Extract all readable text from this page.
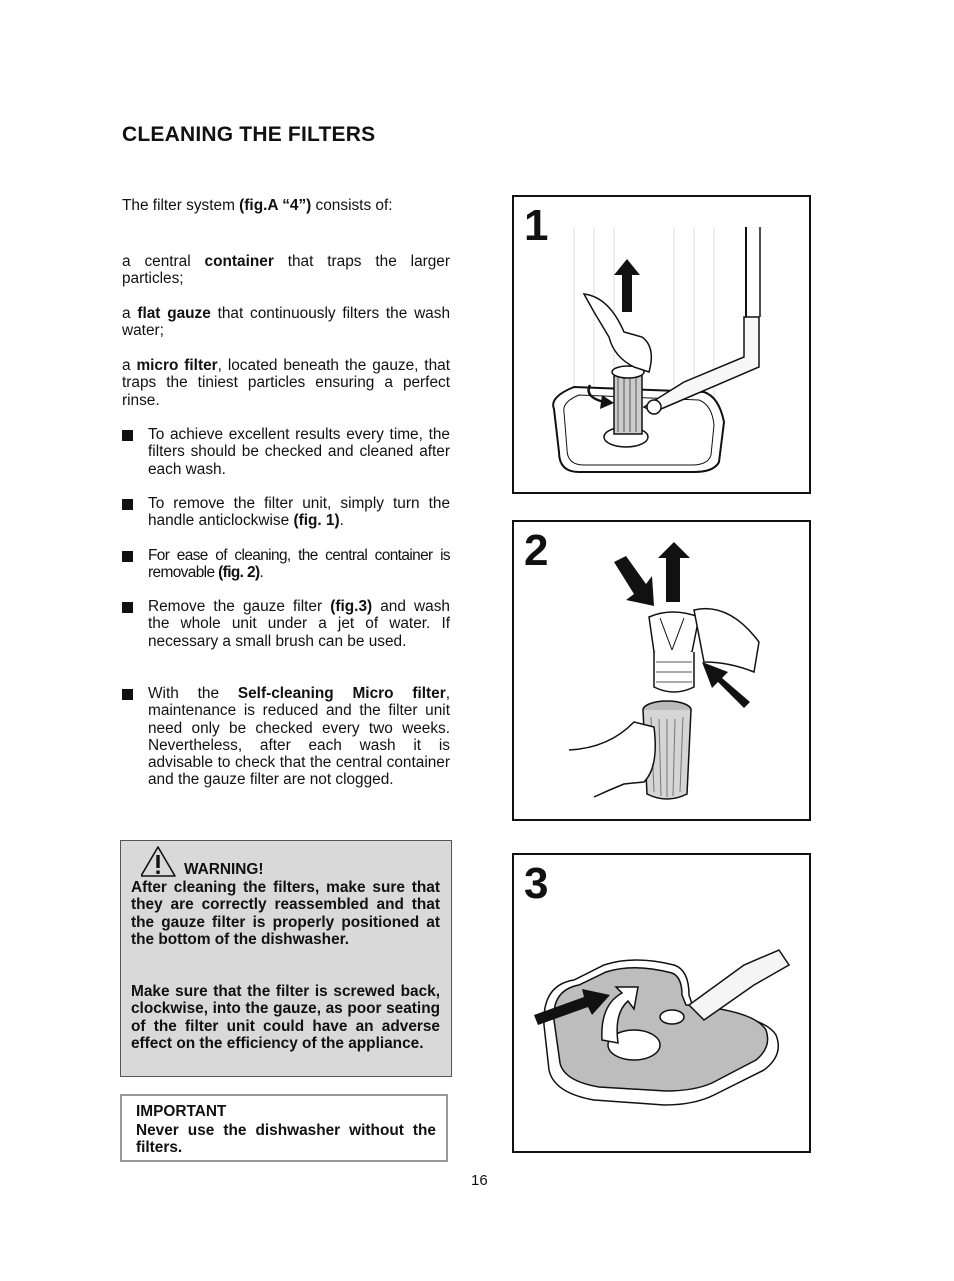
CLEANING THE FILTERS
The filter system (fig.A “4”) consists of:
a central container that traps the larger particles;
a flat gauze that continuously filters the wash water;
a micro filter, located beneath the gauze, that traps the tiniest particles ensuring a perfect rinse.
To achieve excellent results every time, the filters should be checked and cleaned after each wash.
To remove the filter unit, simply turn the handle anticlockwise (fig. 1).
For ease of cleaning, the central container is removable (fig. 2).
Remove the gauze filter (fig.3) and wash the whole unit under a jet of water. If necessary a small brush can be used.
With the Self-cleaning Micro filter, maintenance is reduced and the filter unit need only be checked every two weeks. Nevertheless, after each wash it is advisable to check that the central container and the gauze filter are not clogged.
WARNING!
After cleaning the filters, make sure that they are correctly reassembled and that the gauze filter is properly positioned at the bottom of the dishwasher.
Make sure that the filter is screwed back, clockwise, into the gauze, as poor seating of the filter unit could have an adverse effect on the efficiency of the appliance.
IMPORTANT
Never use the dishwasher without the filters.
1
2
3
16
